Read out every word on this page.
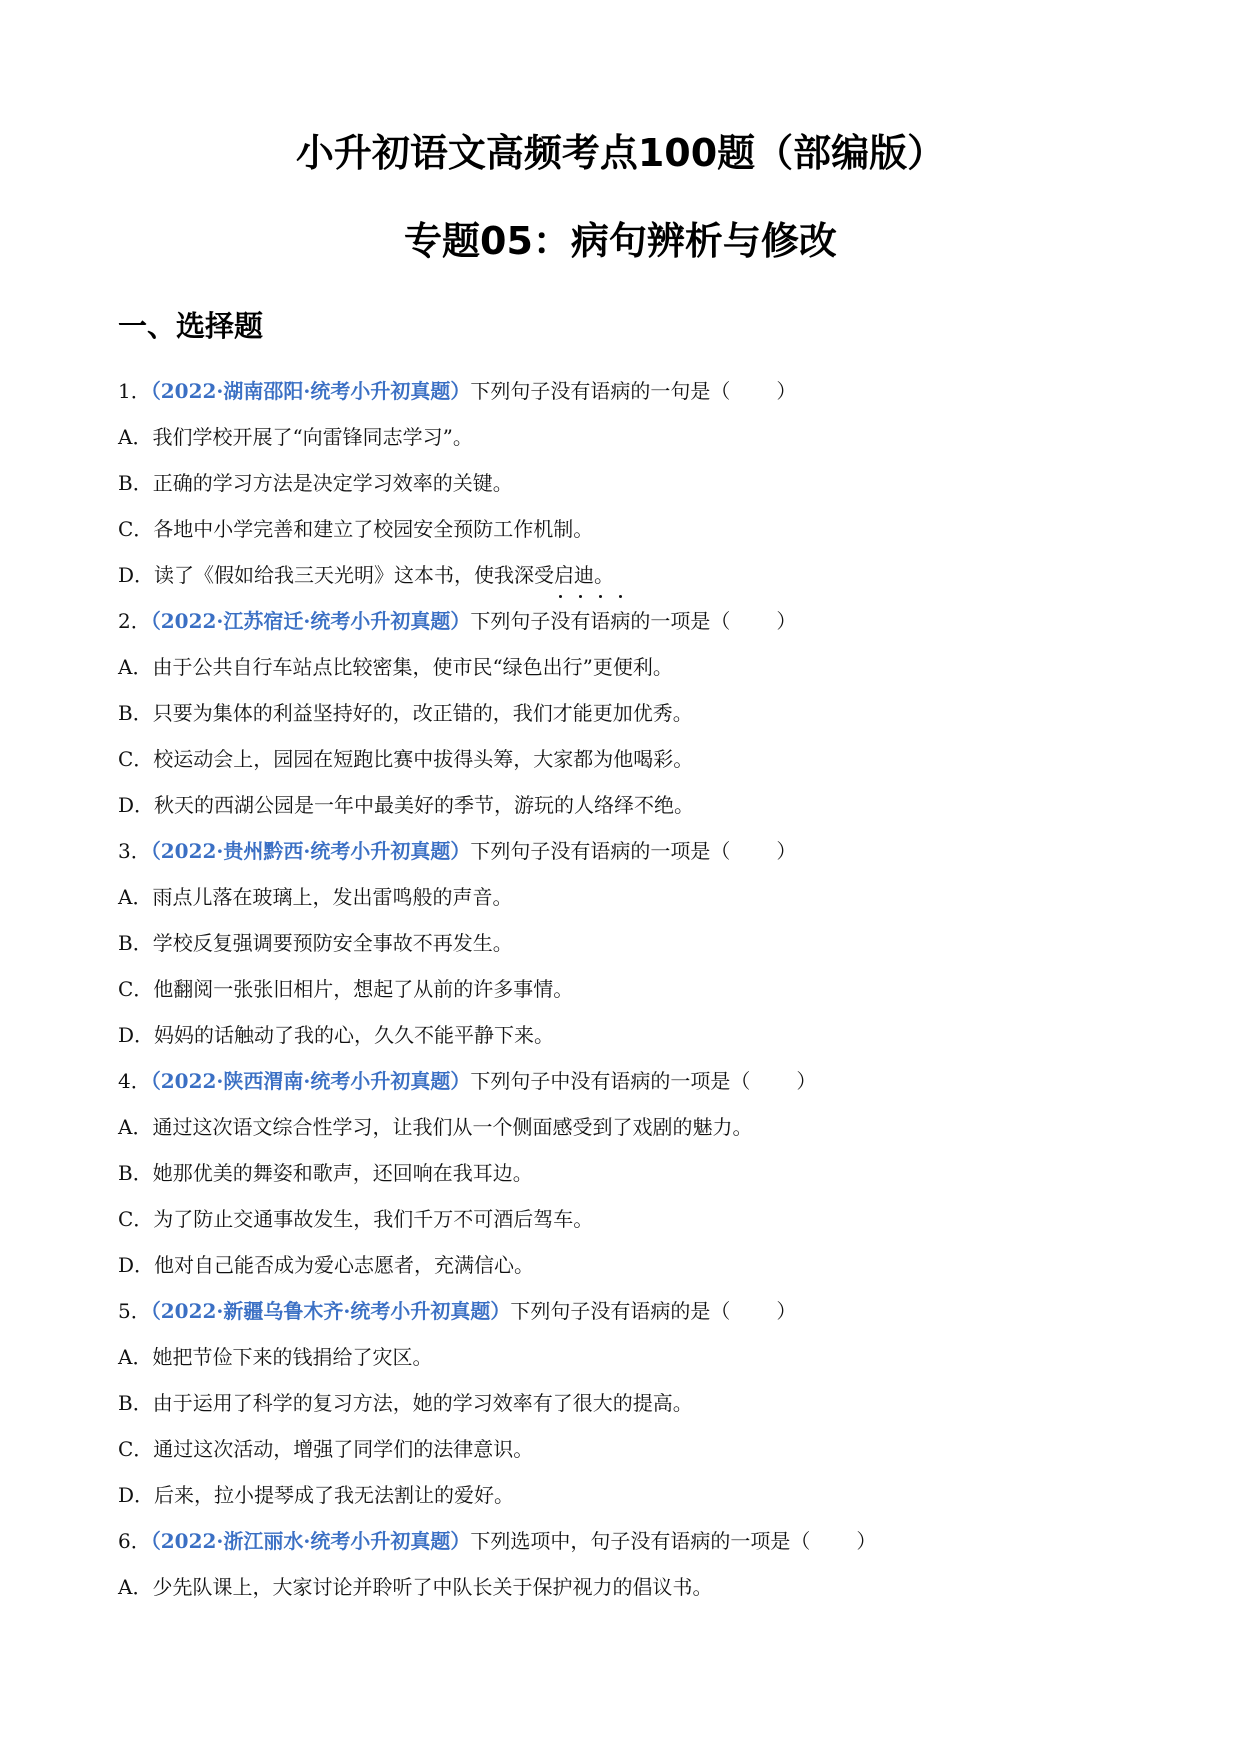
小升初语文高频考点100题（部编版）
专题05：病句辨析与修改
一、选择题
1．（2022·湖南邵阳·统考小升初真题）下列句子没有语病的一句是（ ）
A．我们学校开展了“向雷锋同志学习”。
B．正确的学习方法是决定学习效率的关键。
C．各地中小学完善和建立了校园安全预防工作机制。
D．读了《假如给我三天光明》这本书，使我深受启迪。
2．（2022·江苏宿迁·统考小升初真题）下列句子
没有语病的一项是（ ）
A．由于公共自行车站点比较密集，使市民“绿色出行”更便利。
B．只要为集体的利益坚持好的，改正错的，我们才能更加优秀。
C．校运动会上，园园在短跑比赛中拔得头筹，大家都为他喝彩。
D．秋天的西湖公园是一年中最美好的季节，游玩的人络绎不绝。
3．（2022·贵州黔西·统考小升初真题）下列句子没有语病的一项是（ ）
A．雨点儿落在玻璃上，发出雷鸣般的声音。
B．学校反复强调要预防安全事故不再发生。
C．他翻阅一张张旧相片，想起了从前的许多事情。
D．妈妈的话触动了我的心，久久不能平静下来。
4．（2022·陕西渭南·统考小升初真题）下列句子中没有语病的一项是（ ）
A．通过这次语文综合性学习，让我们从一个侧面感受到了戏剧的魅力。
B．她那优美的舞姿和歌声，还回响在我耳边。
C．为了防止交通事故发生，我们千万不可酒后驾车。
D．他对自己能否成为爱心志愿者，充满信心。
5．（2022·新疆乌鲁木齐·统考小升初真题）下列句子没有语病的是（ ）
A．她把节俭下来的钱捐给了灾区。
B．由于运用了科学的复习方法，她的学习效率有了很大的提高。
C．通过这次活动，增强了同学们的法律意识。
D．后来，拉小提琴成了我无法割让的爱好。
6．（2022·浙江丽水·统考小升初真题）下列选项中，句子没有语病的一项是（ ）
A．少先队课上，大家讨论并聆听了中队长关于保护视力的倡议书。
